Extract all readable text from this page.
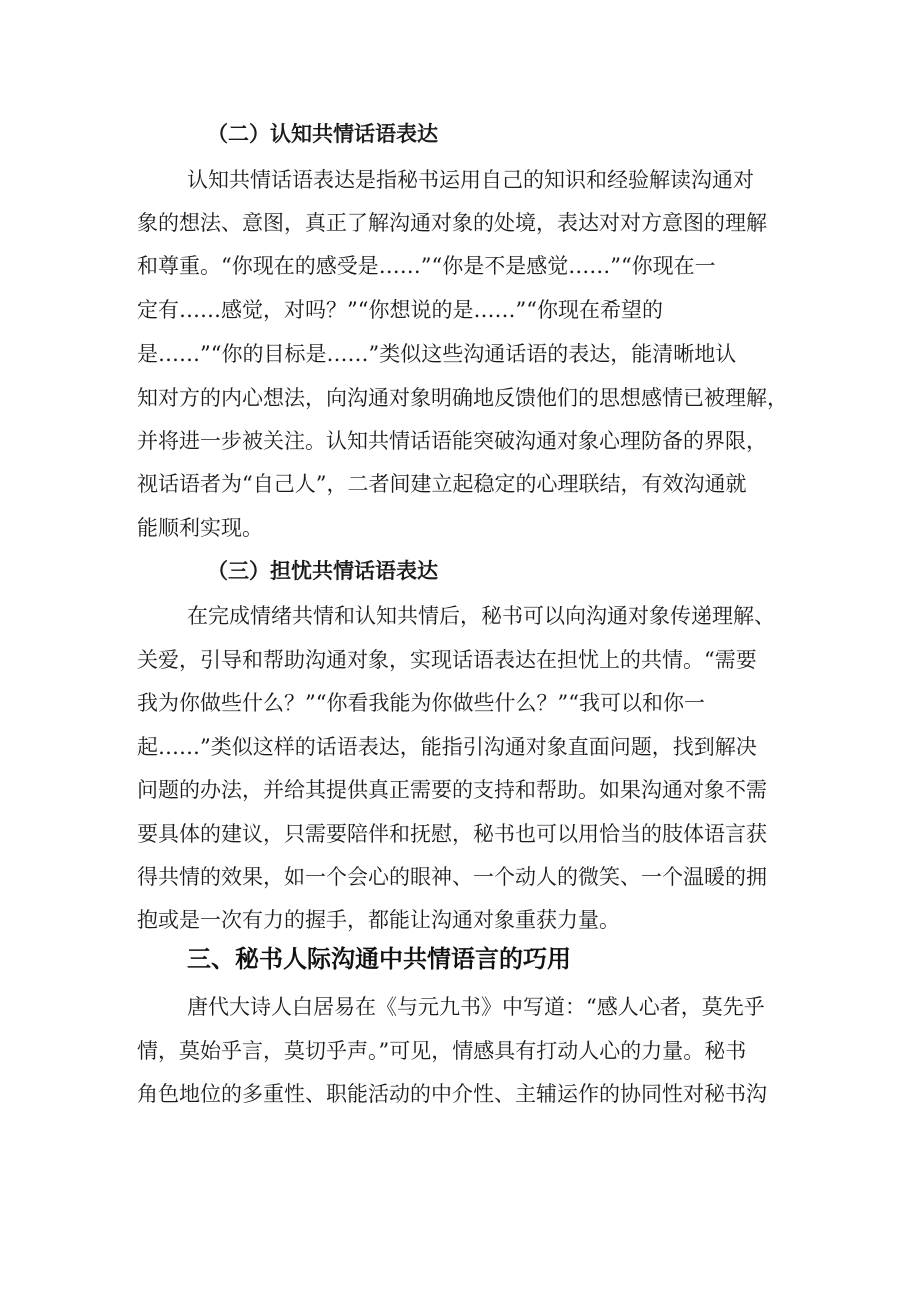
（二）认知共情话语表达

认知共情话语表达是指秘书运用自己的知识和经验解读沟通对

象的想法、意图，真正了解沟通对象的处境，表达对对方意图的理解

和尊重。“你现在的感受是……”“你是不是感觉……”“你现在一

定有……感觉，对吗？”“你想说的是……”“你现在希望的

是……”“你的目标是……”类似这些沟通话语的表达，能清晰地认

知对方的内心想法，向沟通对象明确地反馈他们的思想感情已被理解，

并将进一步被关注。认知共情话语能突破沟通对象心理防备的界限，

视话语者为“自己人”，二者间建立起稳定的心理联结，有效沟通就

能顺利实现。

（三）担忧共情话语表达

在完成情绪共情和认知共情后，秘书可以向沟通对象传递理解、

关爱，引导和帮助沟通对象，实现话语表达在担忧上的共情。“需要

我为你做些什么？”“你看我能为你做些什么？”“我可以和你一

起……”类似这样的话语表达，能指引沟通对象直面问题，找到解决

问题的办法，并给其提供真正需要的支持和帮助。如果沟通对象不需

要具体的建议，只需要陪伴和抚慰，秘书也可以用恰当的肢体语言获

得共情的效果，如一个会心的眼神、一个动人的微笑、一个温暖的拥

抱或是一次有力的握手，都能让沟通对象重获力量。

三、秘书人际沟通中共情语言的巧用

唐代大诗人白居易在《与元九书》中写道：“感人心者，莫先乎

情，莫始乎言，莫切乎声。”可见，情感具有打动人心的力量。秘书

角色地位的多重性、职能活动的中介性、主辅运作的协同性对秘书沟
